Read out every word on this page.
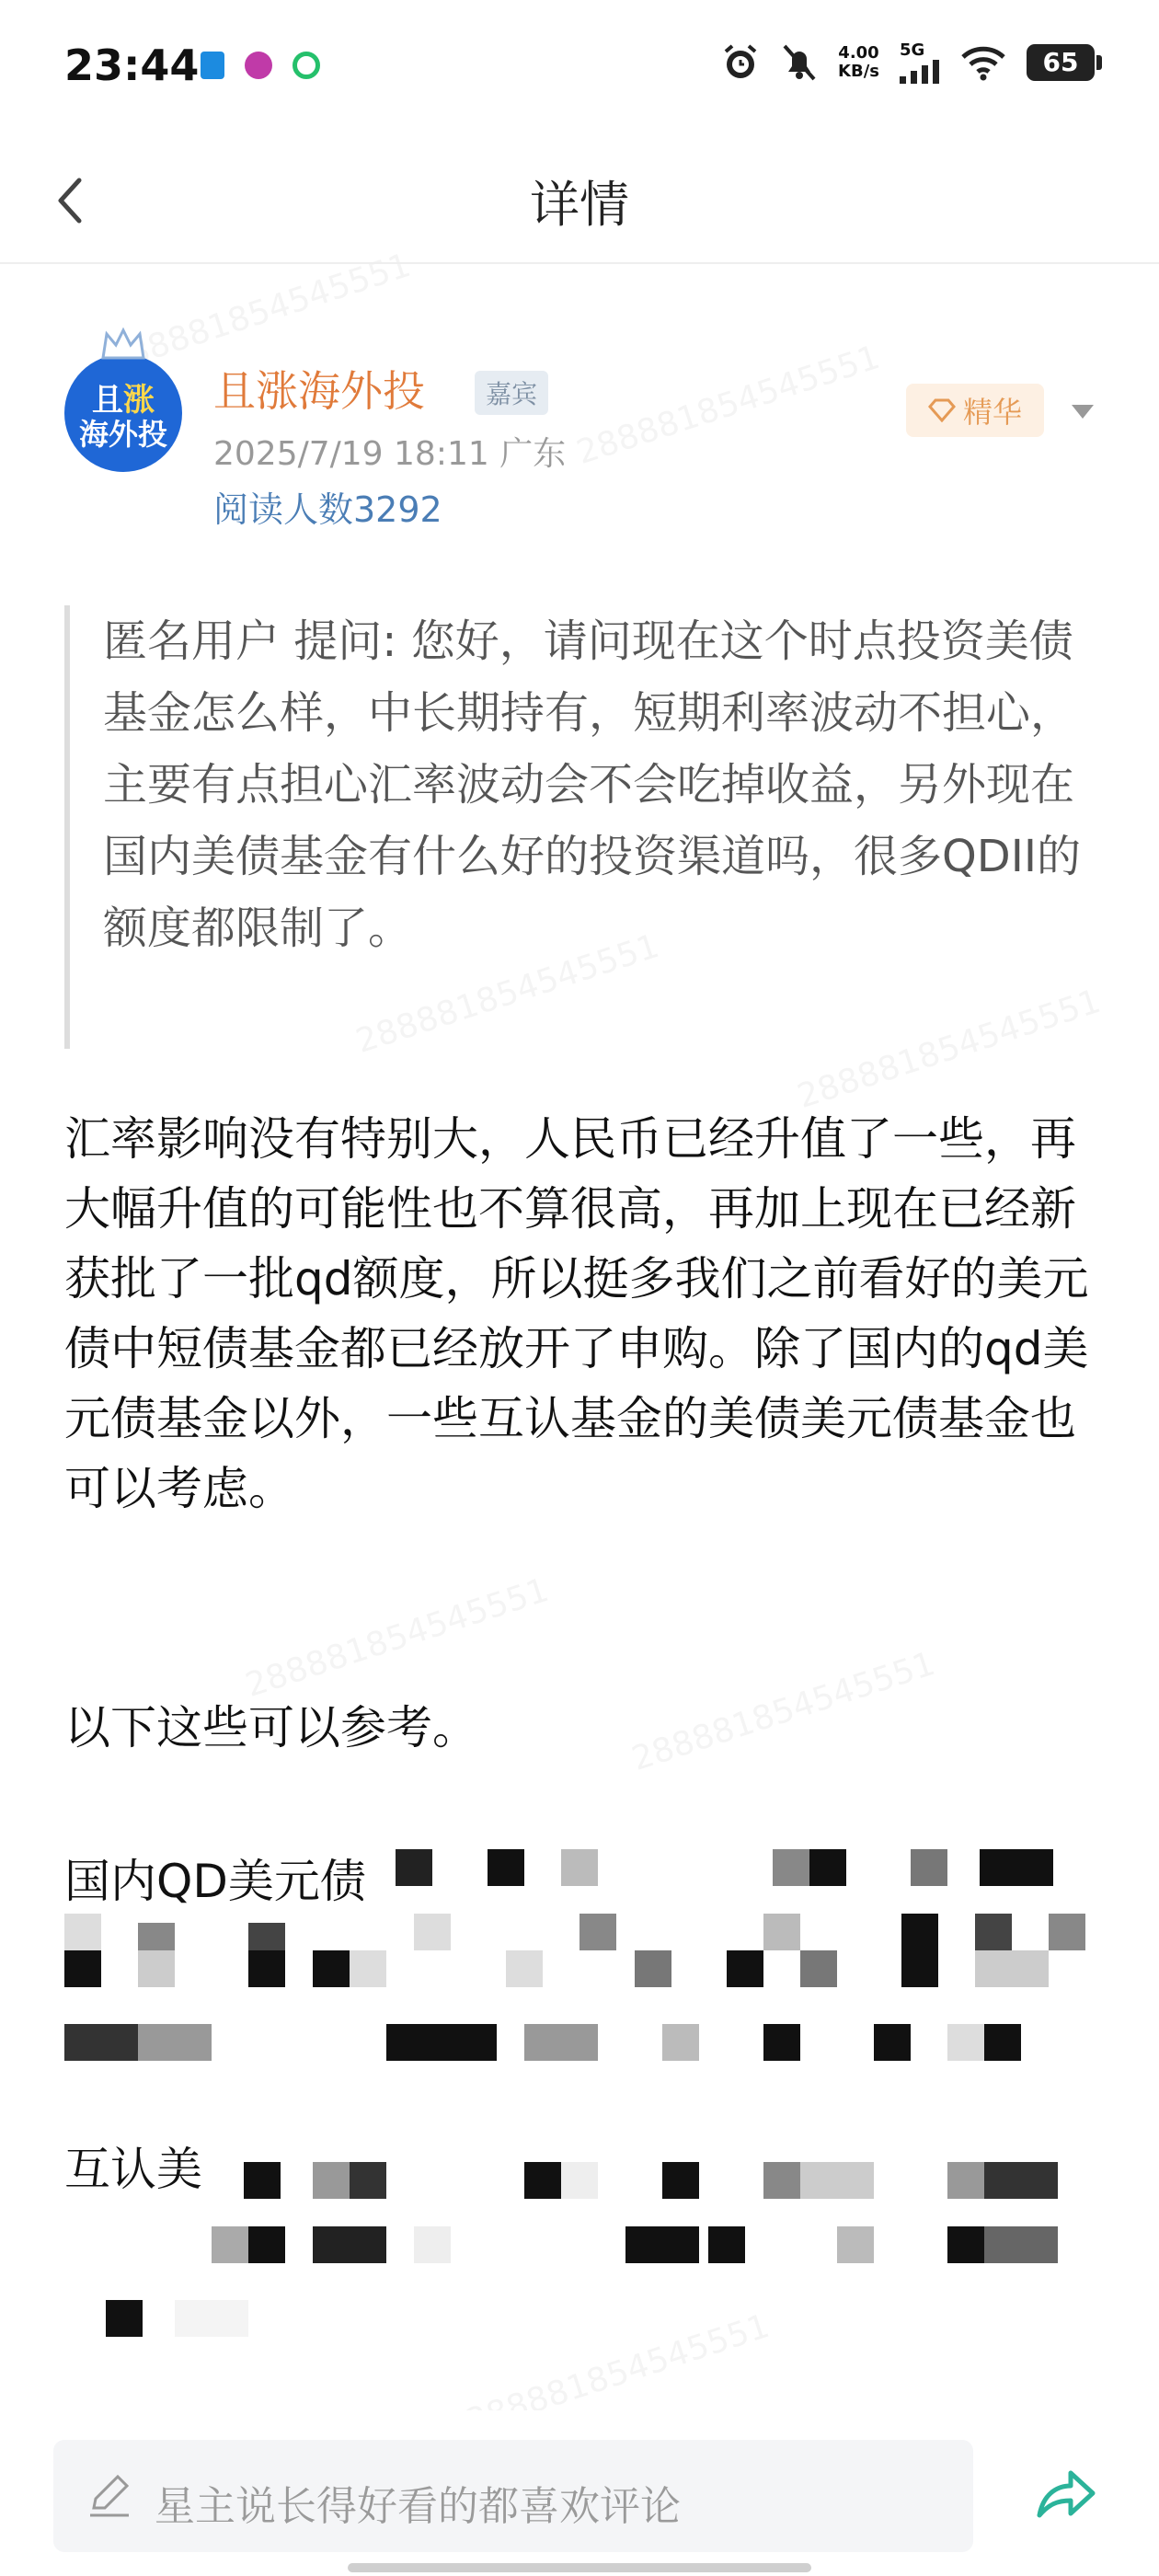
23:44	4.00
KB/s
5G	65
详情
且涨
海外投
且涨海外投	嘉宾
2025/7/19 18:11 广东
阅读人数3292
精华
匿名用户 提问: 您好，请问现在这个时点投资美债基金怎么样，中长期持有，短期利率波动不担心，主要有点担心汇率波动会不会吃掉收益，另外现在国内美债基金有什么好的投资渠道吗，很多QDII的额度都限制了。
汇率影响没有特别大，人民币已经升值了一些，再大幅升值的可能性也不算很高，再加上现在已经新获批了一批qd额度，所以挺多我们之前看好的美元债中短债基金都已经放开了申购。除了国内的qd美元债基金以外，一些互认基金的美债美元债基金也可以考虑。
以下这些可以参考。
国内QD美元债
互认美
星主说长得好看的都喜欢评论
